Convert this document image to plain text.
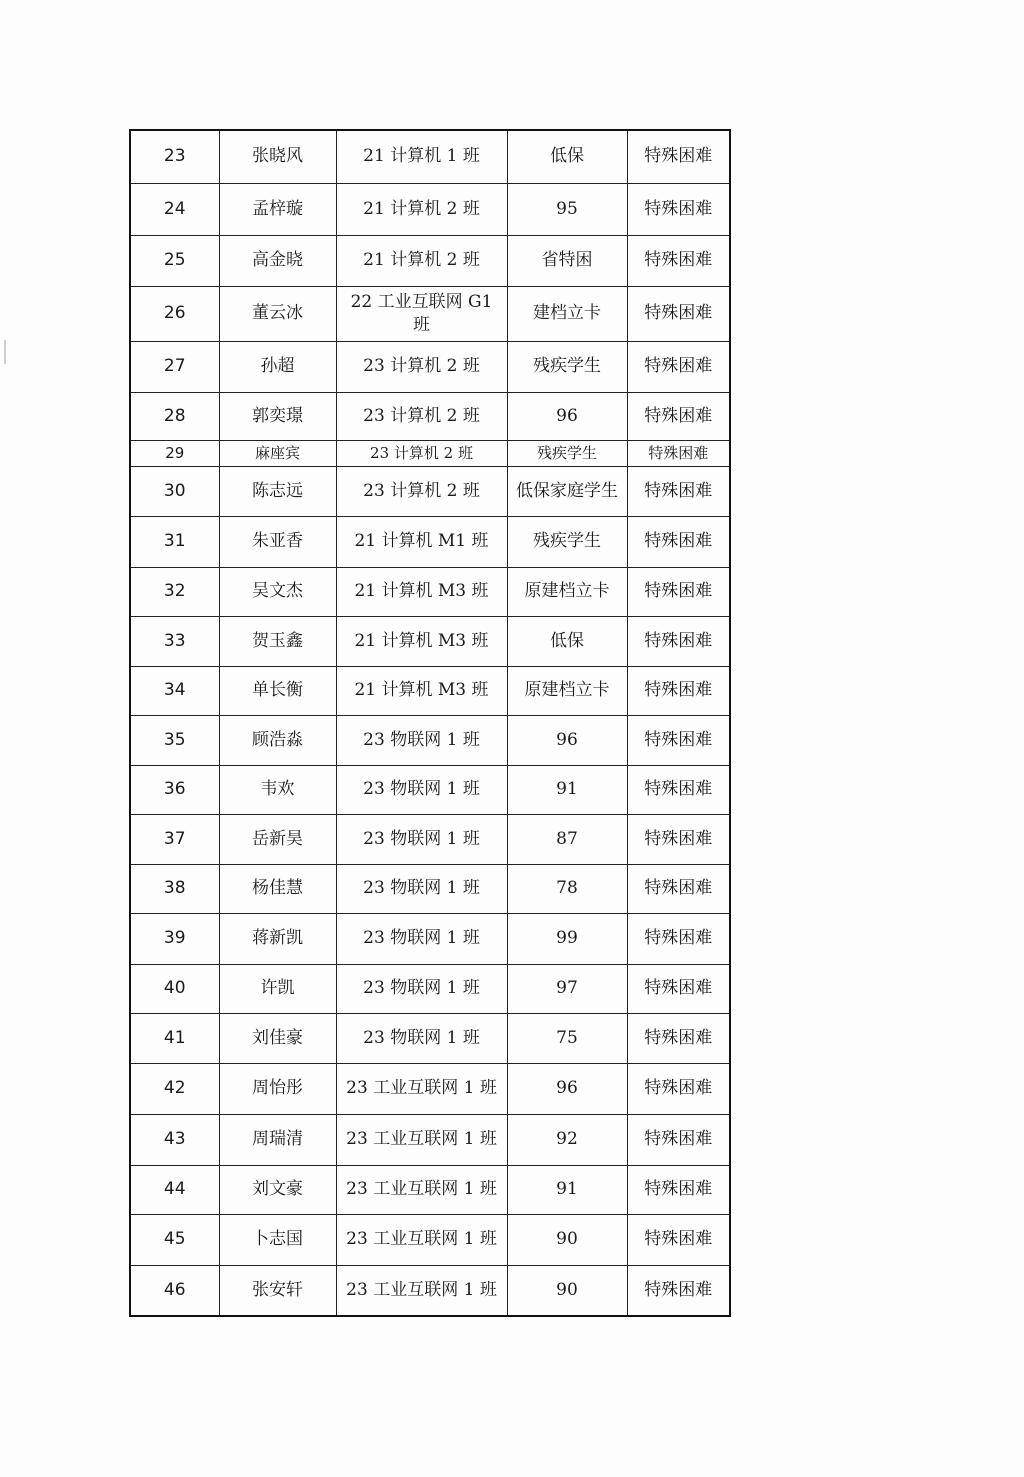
23	张晓风	21 计算机 1 班	低保	特殊困难
24	孟梓璇	21 计算机 2 班	95	特殊困难
25	高金晓	21 计算机 2 班	省特困	特殊困难
26	董云冰	22 工业互联网 G1 班	建档立卡	特殊困难
27	孙超	23 计算机 2 班	残疾学生	特殊困难
28	郭奕璟	23 计算机 2 班	96	特殊困难
29	麻座宾	23 计算机 2 班	残疾学生	特殊困难
30	陈志远	23 计算机 2 班	低保家庭学生	特殊困难
31	朱亚香	21 计算机 M1 班	残疾学生	特殊困难
32	吴文杰	21 计算机 M3 班	原建档立卡	特殊困难
33	贺玉鑫	21 计算机 M3 班	低保	特殊困难
34	单长衡	21 计算机 M3 班	原建档立卡	特殊困难
35	顾浩淼	23 物联网 1 班	96	特殊困难
36	韦欢	23 物联网 1 班	91	特殊困难
37	岳新昊	23 物联网 1 班	87	特殊困难
38	杨佳慧	23 物联网 1 班	78	特殊困难
39	蒋新凯	23 物联网 1 班	99	特殊困难
40	许凯	23 物联网 1 班	97	特殊困难
41	刘佳豪	23 物联网 1 班	75	特殊困难
42	周怡彤	23 工业互联网 1 班	96	特殊困难
43	周瑞清	23 工业互联网 1 班	92	特殊困难
44	刘文豪	23 工业互联网 1 班	91	特殊困难
45	卜志国	23 工业互联网 1 班	90	特殊困难
46	张安轩	23 工业互联网 1 班	90	特殊困难
